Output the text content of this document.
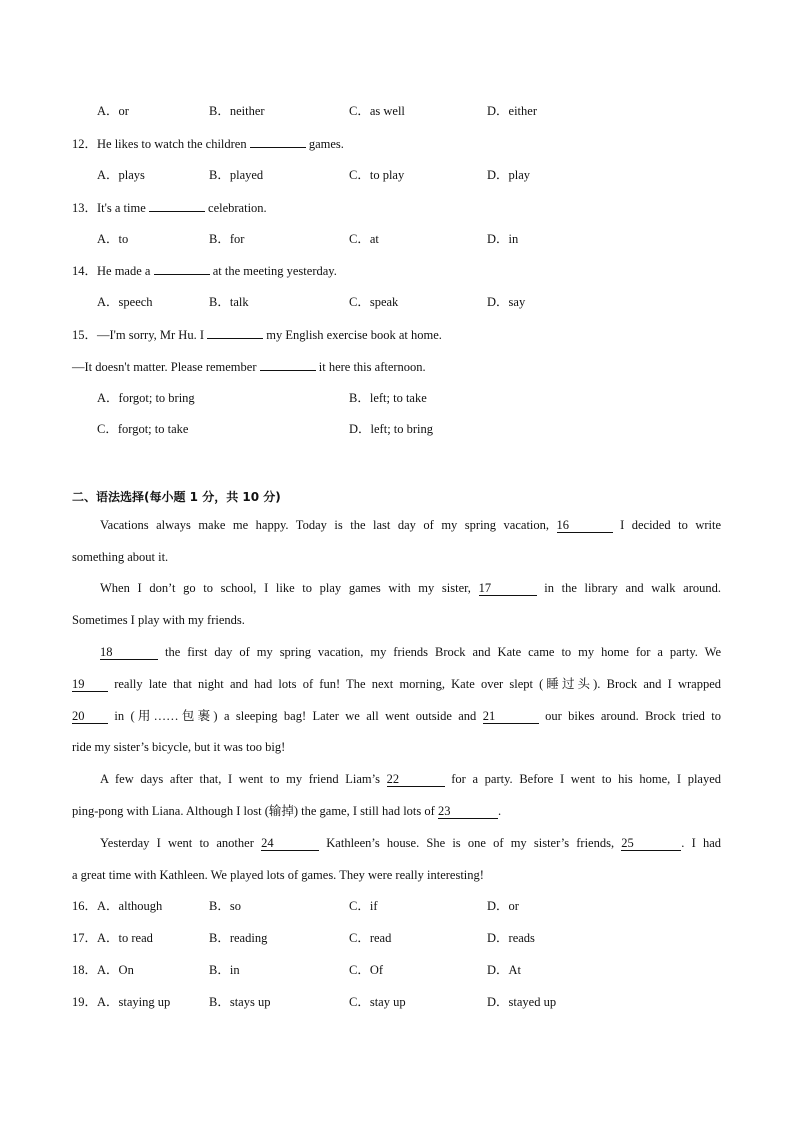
A．or	B．neither	C．as well	D．either
12．He likes to watch the children	games.
A．plays	B．played	C．to play	D．play
13．It's a time	celebration.
A．to	B．for	C．at	D．in
14．He made a	at the meeting yesterday.
A．speech	B．talk	C．speak	D．say
15．—I'm sorry, Mr Hu. I	my English exercise book at home.
—It doesn't matter. Please remember	it here this afternoon.
A．forgot; to bring	B．left; to take
C．forgot; to take	D．left; to bring
二、语法选择(每小题 1 分，共 10 分)
Vacations always make me happy. Today is the last day of my spring vacation, 16	I decided to write
something about it.
When I don’t go to school, I like to play games with my sister, 17	in the library and walk around.
Sometimes I play with my friends.
18	the first day of my spring vacation, my friends Brock and Kate came to my home for a party. We
19 really late that night and had lots of fun! The next morning, Kate over slept (睡过头). Brock and I wrapped
20 in (用……包裹) a sleeping bag! Later we all went outside and 21	our bikes around. Brock tried to
ride my sister’s bicycle, but it was too big!
A few days after that, I went to my friend Liam’s 22	for a party. Before I went to his home, I played
ping-pong with Liana. Although I lost (输掉) the game, I still had lots of 23	.
Yesterday I went to another 24	Kathleen’s house. She is one of my sister’s friends, 25	. I had
a great time with Kathleen. We played lots of games. They were really interesting!
16．A．although	B．so	C．if	D．or
17．A．to read	B．reading	C．read	D．reads
18．A．On	B．in	C．Of	D．At
19．A．staying up	B．stays up	C．stay up	D．stayed up
